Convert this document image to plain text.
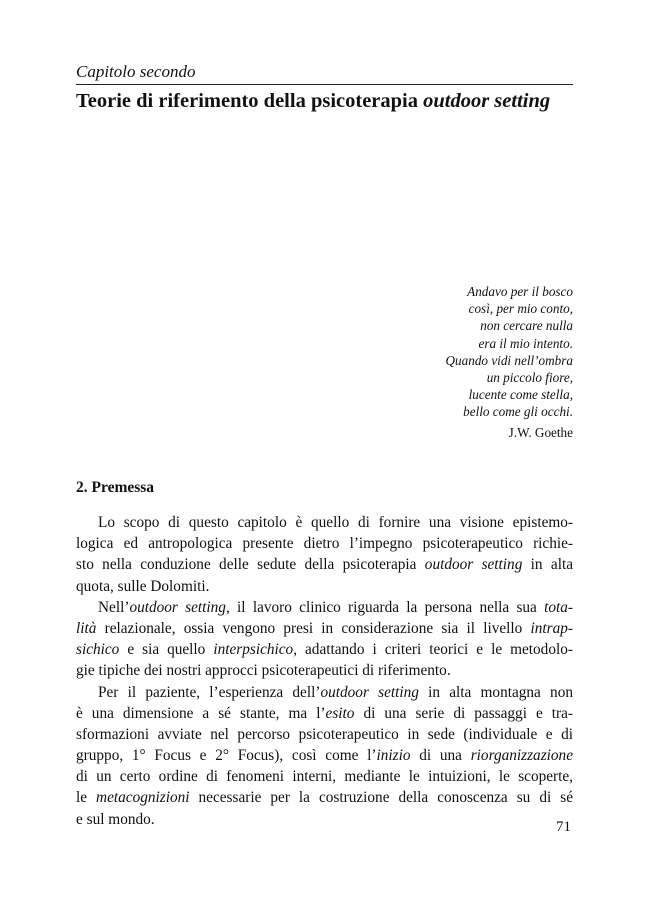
Capitolo secondo
Teorie di riferimento della psicoterapia outdoor setting
Andavo per il bosco
così, per mio conto,
non cercare nulla
era il mio intento.
Quando vidi nell’ombra
un piccolo fiore,
lucente come stella,
bello come gli occhi.
J.W. Goethe
2. Premessa
Lo scopo di questo capitolo è quello di fornire una visione epistemo-
logica ed antropologica presente dietro l’impegno psicoterapeutico richie-
sto nella conduzione delle sedute della psicoterapia outdoor setting in alta
quota, sulle Dolomiti.
Nell’outdoor setting, il lavoro clinico riguarda la persona nella sua tota-
lità relazionale, ossia vengono presi in considerazione sia il livello intrap-
sichico e sia quello interpsichico, adattando i criteri teorici e le metodolo-
gie tipiche dei nostri approcci psicoterapeutici di riferimento.
Per il paziente, l’esperienza dell’outdoor setting in alta montagna non
è una dimensione a sé stante, ma l’esito di una serie di passaggi e tra-
sformazioni avviate nel percorso psicoterapeutico in sede (individuale e di
gruppo, 1° Focus e 2° Focus), così come l’inizio di una riorganizzazione
di un certo ordine di fenomeni interni, mediante le intuizioni, le scoperte,
le metacognizioni necessarie per la costruzione della conoscenza su di sé
e sul mondo.	71
